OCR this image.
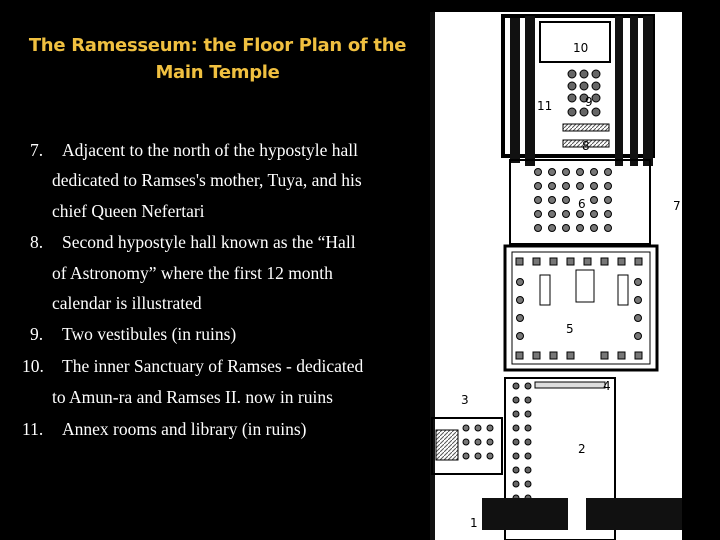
The Ramesseum: the Floor Plan of the
Main Temple
7. Adjacent to the north of the hypostyle hall
dedicated to Ramses's mother, Tuya, and his
chief Queen Nefertari
8. Second hypostyle hall known as the “Hall
of Astronomy” where the first 12 month
calendar is illustrated
9. Two vestibules (in ruins)
10. The inner Sanctuary of Ramses - dedicated
to Amun-ra and Ramses II. now in ruins
11. Annex rooms and library (in ruins)
10
11	9
8
6	7
5
4
3
2
1
